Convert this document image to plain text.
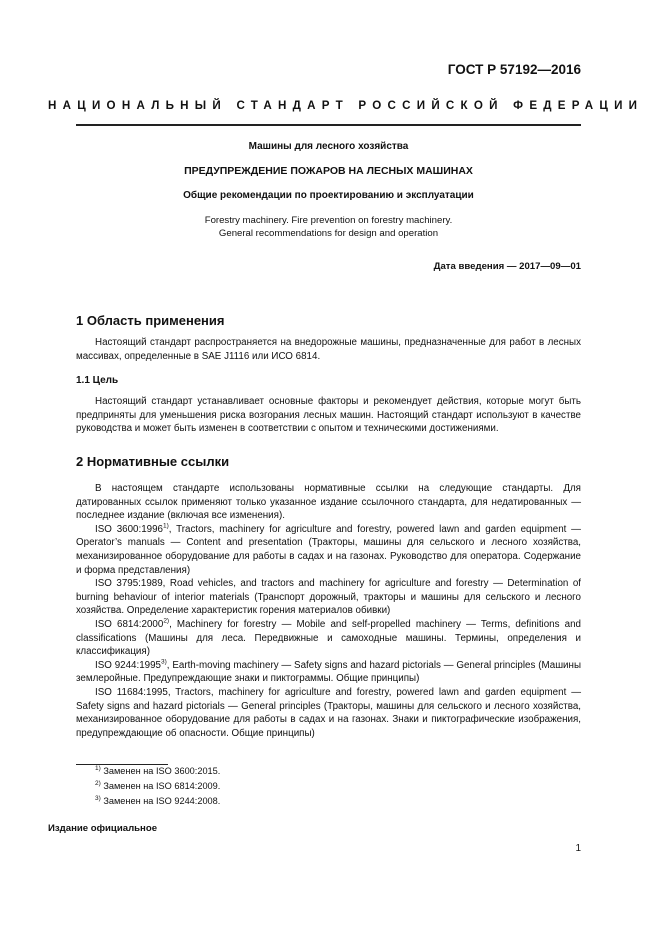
ГОСТ Р 57192—2016
НАЦИОНАЛЬНЫЙ СТАНДАРТ РОССИЙСКОЙ ФЕДЕРАЦИИ
Машины для лесного хозяйства
ПРЕДУПРЕЖДЕНИЕ ПОЖАРОВ НА ЛЕСНЫХ МАШИНАХ
Общие рекомендации по проектированию и эксплуатации
Forestry machinery. Fire prevention on forestry machinery.
General recommendations for design and operation
Дата введения — 2017—09—01
1 Область применения

Настоящий стандарт распространяется на внедорожные машины, предназначенные для работ в лесных массивах, определенные в SAE J1116 или ИСО 6814.

1.1 Цель

Настоящий стандарт устанавливает основные факторы и рекомендует действия, которые могут быть предприняты для уменьшения риска возгорания лесных машин. Настоящий стандарт используют в качестве руководства и может быть изменен в соответствии с опытом и техническими достижениями.

2 Нормативные ссылки

В настоящем стандарте использованы нормативные ссылки на следующие стандарты. Для датированных ссылок применяют только указанное издание ссылочного стандарта, для недатированных — последнее издание (включая все изменения).

ISO 3600:1996$^{1)}$, Tractors, machinery for agriculture and forestry, powered lawn and garden equipment — Operator’s manuals — Content and presentation (Тракторы, машины для сельского и лесного хозяйства, механизированное оборудование для работы в садах и на газонах. Руководство для оператора. Содержание и форма представления)

ISO 3795:1989, Road vehicles, and tractors and machinery for agriculture and forestry — Determination of burning behaviour of interior materials (Транспорт дорожный, тракторы и машины для сельского и лесного хозяйства. Определение характеристик горения материалов обивки)

ISO 6814:2000$^{2)}$, Machinery for forestry — Mobile and self-propelled machinery — Terms, definitions and classifications (Машины для леса. Передвижные и самоходные машины. Термины, определения и классификация)

ISO 9244:1995$^{3)}$, Earth-moving machinery — Safety signs and hazard pictorials — General principles (Машины землеройные. Предупреждающие знаки и пиктограммы. Общие принципы)

ISO 11684:1995, Tractors, machinery for agriculture and forestry, powered lawn and garden equipment — Safety signs and hazard pictorials — General principles (Тракторы, машины для сельского и лесного хозяйства, механизированное оборудование для работы в садах и на газонах. Знаки и пиктографические изображения, предупреждающие об опасности. Общие принципы)

$^{1)}$ Заменен на ISO 3600:2015.
$^{2)}$ Заменен на ISO 6814:2009.
$^{3)}$ Заменен на ISO 9244:2008.
Издание официальное
1
